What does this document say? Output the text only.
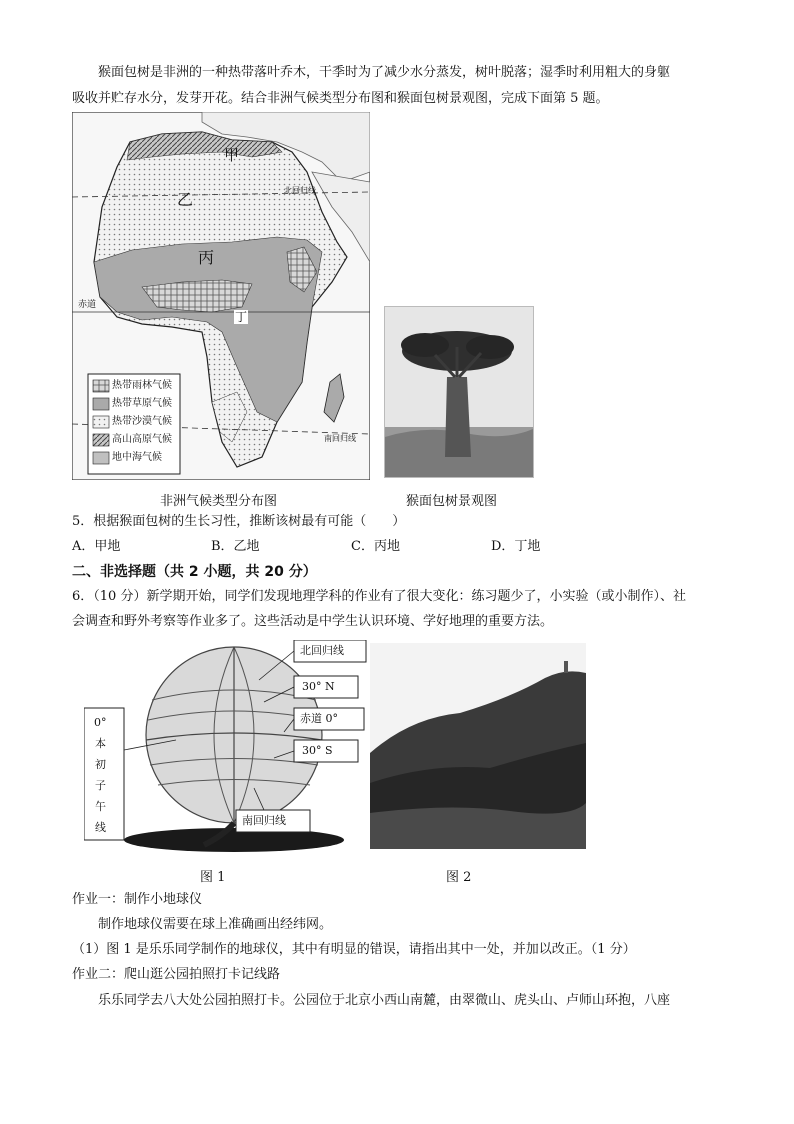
猴面包树是非洲的一种热带落叶乔木，干季时为了减少水分蒸发，树叶脱落；湿季时利用粗大的身躯
吸收并贮存水分，发芽开花。结合非洲气候类型分布图和猴面包树景观图，完成下面第 5 题。
甲
乙
丙
丁
北回归线
赤道
南回归线
热带雨林气候
热带草原气候
热带沙漠气候
高山高原气候
地中海气候
非洲气候类型分布图	猴面包树景观图
5．根据猴面包树的生长习性，推断该树最有可能（　　）
A．甲地	B．乙地	C．丙地	D．丁地
二、非选择题（共 2 小题，共 20 分）
6．（10 分）新学期开始，同学们发现地理学科的作业有了很大变化：练习题少了，小实验（或小制作）、社
会调查和野外考察等作业多了。这些活动是中学生认识环境、学好地理的重要方法。
北回归线
30° N
赤道 0°
30° S
南回归线
0°
本
初
子
午
线
图 1	图 2
作业一：制作小地球仪
制作地球仪需要在球上准确画出经纬网。
（1）图 1 是乐乐同学制作的地球仪，其中有明显的错误，请指出其中一处，并加以改正。（1 分）
作业二：爬山逛公园拍照打卡记线路
乐乐同学去八大处公园拍照打卡。公园位于北京小西山南麓，由翠微山、虎头山、卢师山环抱，八座
